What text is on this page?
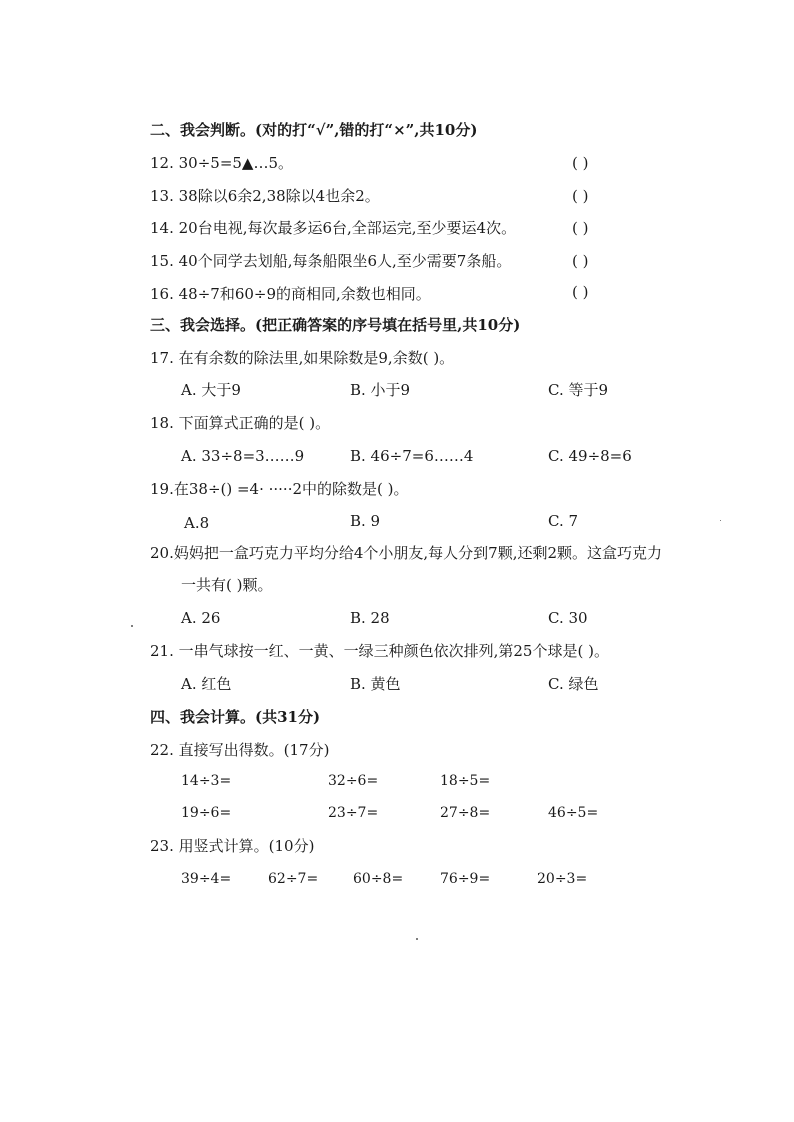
二、我会判断。(对的打“√”,错的打“×”,共10分)
12. 30÷5=5▲…5。	( )
13. 38除以6余2,38除以4也余2。	( )
14. 20台电视,每次最多运6台,全部运完,至少要运4次。	( )
15. 40个同学去划船,每条船限坐6人,至少需要7条船。	( )
16. 48÷7和60÷9的商相同,余数也相同。	( )
三、我会选择。(把正确答案的序号填在括号里,共10分)
17. 在有余数的除法里,如果除数是9,余数( )。
A. 大于9	B. 小于9	C. 等于9
18. 下面算式正确的是( )。
A. 33÷8=3……9	B. 46÷7=6……4	C. 49÷8=6
19.在38÷() =4· ·····2中的除数是( )。
A.8	B. 9	C. 7
20.妈妈把一盒巧克力平均分给4个小朋友,每人分到7颗,还剩2颗。这盒巧克力
一共有( )颗。
A. 26	B. 28	C. 30
21. 一串气球按一红、一黄、一绿三种颜色依次排列,第25个球是( )。
A. 红色	B. 黄色	C. 绿色
四、我会计算。(共31分)
22. 直接写出得数。(17分)
14÷3=	32÷6=	18÷5=
19÷6=	23÷7=	27÷8=	46÷5=
23. 用竖式计算。(10分)
39÷4=	62÷7= 60÷8=	76÷9=	20÷3=
